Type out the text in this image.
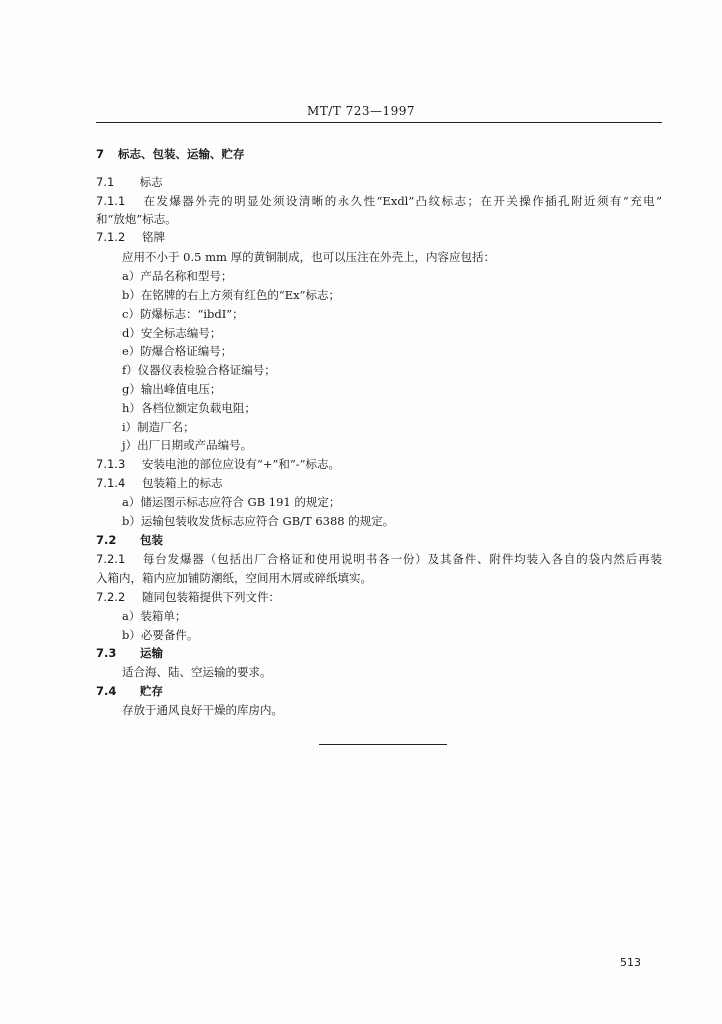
MT/T 723—1997
7 标志、包装、运输、贮存
7.1 标志
7.1.1 在发爆器外壳的明显处须设清晰的永久性“Exdl”凸纹标志；在开关操作插孔附近须有“充电”
和“放炮”标志。
7.1.2 铭牌
应用不小于 0.5 mm 厚的黄铜制成，也可以压注在外壳上，内容应包括：
a）产品名称和型号；
b）在铭牌的右上方须有红色的“Ex”标志；
c）防爆标志：“ibdI”；
d）安全标志编号；
e）防爆合格证编号；
f）仪器仪表检验合格证编号；
g）输出峰值电压；
h）各档位额定负载电阻；
i）制造厂名；
j）出厂日期或产品编号。
7.1.3 安装电池的部位应设有“+”和“-”标志。
7.1.4 包装箱上的标志
a）储运图示标志应符合 GB 191 的规定；
b）运输包装收发货标志应符合 GB/T 6388 的规定。
7.2 包装
7.2.1 每台发爆器（包括出厂合格证和使用说明书各一份）及其备件、附件均装入各自的袋内然后再装
入箱内，箱内应加铺防潮纸，空间用木屑或碎纸填实。
7.2.2 随同包装箱提供下列文件：
a）装箱单；
b）必要备件。
7.3 运输
适合海、陆、空运输的要求。
7.4 贮存
存放于通风良好干燥的库房内。
513
